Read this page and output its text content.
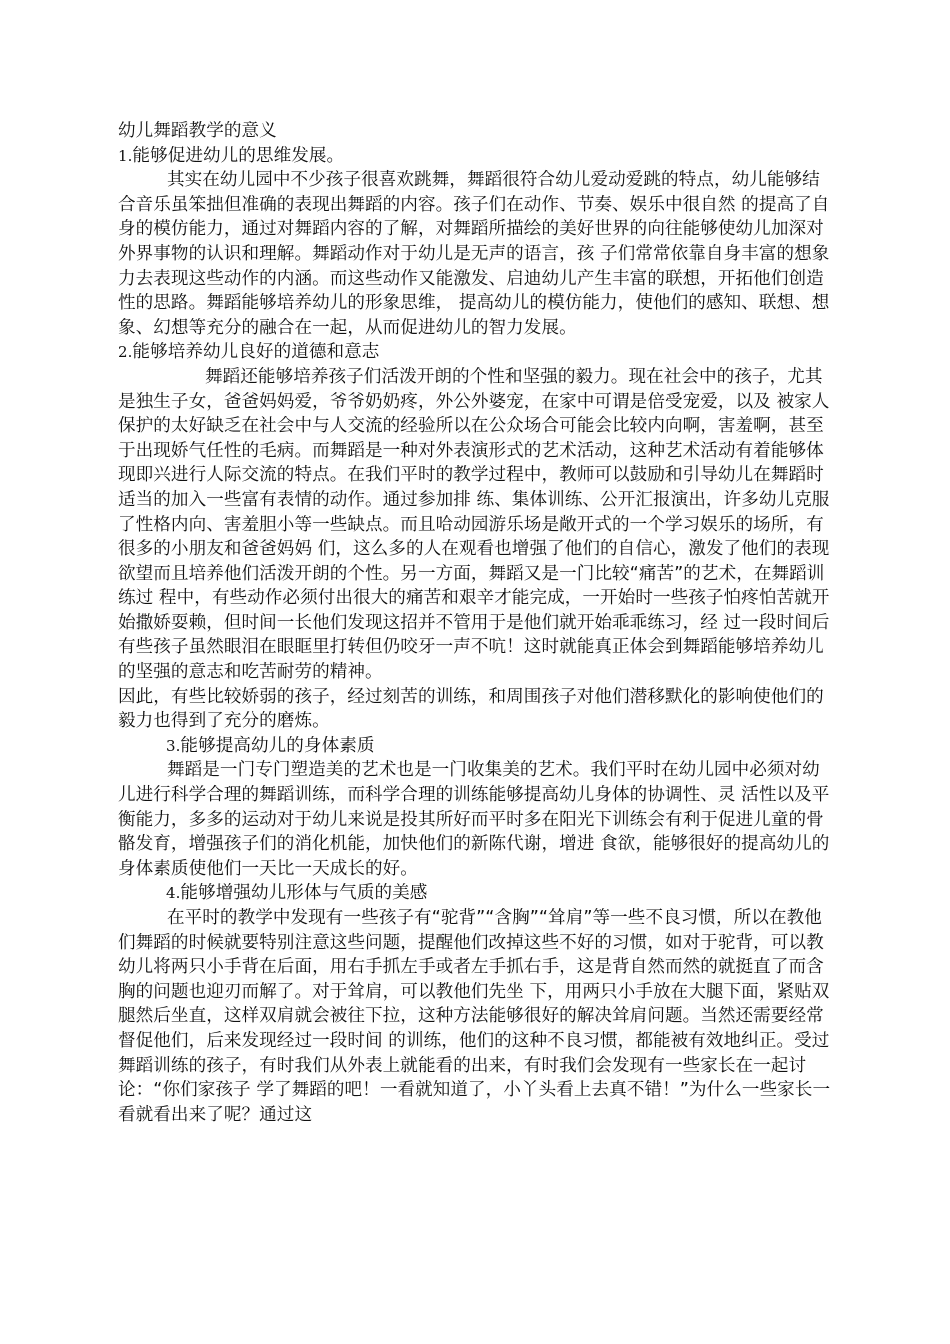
幼儿舞蹈教学的意义

1.能够促进幼儿的思维发展。

其实在幼儿园中不少孩子很喜欢跳舞，舞蹈很符合幼儿爱动爱跳的特点，幼儿能够结合音乐虽笨拙但准确的表现出舞蹈的内容。孩子们在动作、节奏、娱乐中很自然 的提高了自身的模仿能力，通过对舞蹈内容的了解，对舞蹈所描绘的美好世界的向往能够使幼儿加深对外界事物的认识和理解。舞蹈动作对于幼儿是无声的语言，孩 子们常常依靠自身丰富的想象力去表现这些动作的内涵。而这些动作又能激发、启迪幼儿产生丰富的联想，开拓他们创造性的思路。舞蹈能够培养幼儿的形象思维， 提高幼儿的模仿能力，使他们的感知、联想、想象、幻想等充分的融合在一起，从而促进幼儿的智力发展。

2.能够培养幼儿良好的道德和意志

舞蹈还能够培养孩子们活泼开朗的个性和坚强的毅力。现在社会中的孩子，尤其是独生子女，爸爸妈妈爱，爷爷奶奶疼，外公外婆宠，在家中可谓是倍受宠爱，以及 被家人保护的太好缺乏在社会中与人交流的经验所以在公众场合可能会比较内向啊，害羞啊，甚至于出现娇气任性的毛病。而舞蹈是一种对外表演形式的艺术活动，这种艺术活动有着能够体现即兴进行人际交流的特点。在我们平时的教学过程中，教师可以鼓励和引导幼儿在舞蹈时适当的加入一些富有表情的动作。通过参加排 练、集体训练、公开汇报演出，许多幼儿克服了性格内向、害羞胆小等一些缺点。而且哈动园游乐场是敞开式的一个学习娱乐的场所，有很多的小朋友和爸爸妈妈 们，这么多的人在观看也增强了他们的自信心，激发了他们的表现欲望而且培养他们活泼开朗的个性。另一方面，舞蹈又是一门比较“痛苦”的艺术，在舞蹈训练过 程中，有些动作必须付出很大的痛苦和艰辛才能完成，一开始时一些孩子怕疼怕苦就开始撒娇耍赖，但时间一长他们发现这招并不管用于是他们就开始乖乖练习，经 过一段时间后有些孩子虽然眼泪在眼眶里打转但仍咬牙一声不吭！这时就能真正体会到舞蹈能够培养幼儿的坚强的意志和吃苦耐劳的精神。

因此，有些比较娇弱的孩子，经过刻苦的训练，和周围孩子对他们潜移默化的影响使他们的毅力也得到了充分的磨炼。

3.能够提高幼儿的身体素质

舞蹈是一门专门塑造美的艺术也是一门收集美的艺术。我们平时在幼儿园中必须对幼儿进行科学合理的舞蹈训练，而科学合理的训练能够提高幼儿身体的协调性、灵 活性以及平衡能力，多多的运动对于幼儿来说是投其所好而平时多在阳光下训练会有利于促进儿童的骨骼发育，增强孩子们的消化机能，加快他们的新陈代谢，增进 食欲，能够很好的提高幼儿的身体素质使他们一天比一天成长的好。

4.能够增强幼儿形体与气质的美感

在平时的教学中发现有一些孩子有“驼背”“含胸”“耸肩”等一些不良习惯，所以在教他们舞蹈的时候就要特别注意这些问题，提醒他们改掉这些不好的习惯，如对于驼背，可以教幼儿将两只小手背在后面，用右手抓左手或者左手抓右手，这是背自然而然的就挺直了而含胸的问题也迎刃而解了。对于耸肩，可以教他们先坐 下，用两只小手放在大腿下面，紧贴双腿然后坐直，这样双肩就会被往下拉，这种方法能够很好的解决耸肩问题。当然还需要经常督促他们，后来发现经过一段时间 的训练，他们的这种不良习惯，都能被有效地纠正。受过舞蹈训练的孩子，有时我们从外表上就能看的出来，有时我们会发现有一些家长在一起讨论：“你们家孩子 学了舞蹈的吧！一看就知道了，小丫头看上去真不错！”为什么一些家长一看就看出来了呢？通过这
